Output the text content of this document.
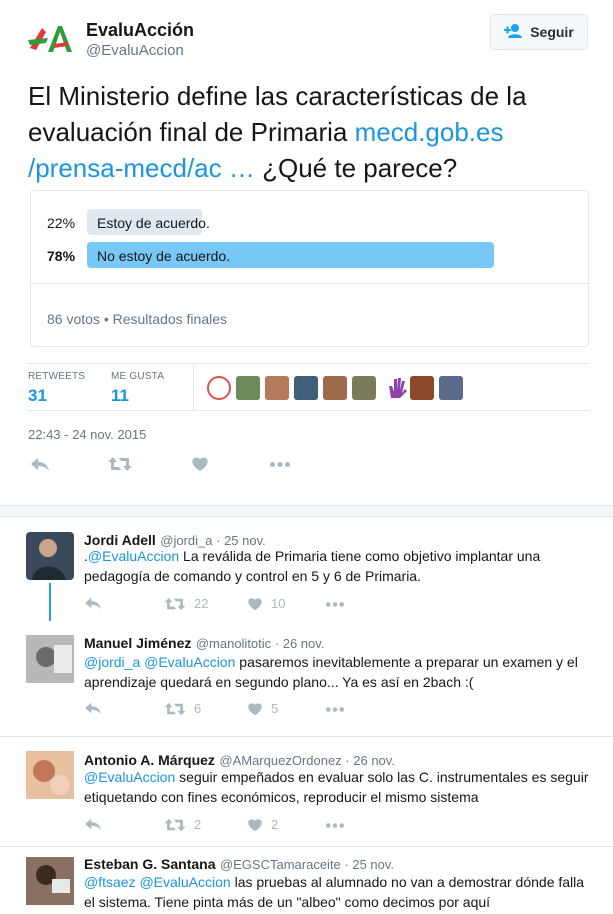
EvaluAcción
@EvaluAccion
Seguir
El Ministerio define las características de la evaluación final de Primaria mecd.gob.es /prensa-mecd/ac … ¿Qué te parece?
22%	Estoy de acuerdo.
78%	No estoy de acuerdo.
86 votos • Resultados finales
RETWEETS
31
ME GUSTA
11
22:43 - 24 nov. 2015
Jordi Adell @jordi_a · 25 nov.
.@EvaluAccion La reválida de Primaria tiene como objetivo implantar una pedagogía de comando y control en 5 y 6 de Primaria.
22	10
Manuel Jiménez @manolitotic · 26 nov.
@jordi_a @EvaluAccion pasaremos inevitablemente a preparar un examen y el aprendizaje quedará en segundo plano... Ya es así en 2bach :(
6	5
Antonio A. Márquez @AMarquezOrdonez · 26 nov.
@EvaluAccion seguir empeñados en evaluar solo las C. instrumentales es seguir etiquetando con fines económicos, reproducir el mismo sistema
2	2
Esteban G. Santana @EGSCTamaraceite · 25 nov.
@ftsaez @EvaluAccion las pruebas al alumnado no van a demostrar dónde falla el sistema. Tiene pinta más de un "albeo" como decimos por aquí
